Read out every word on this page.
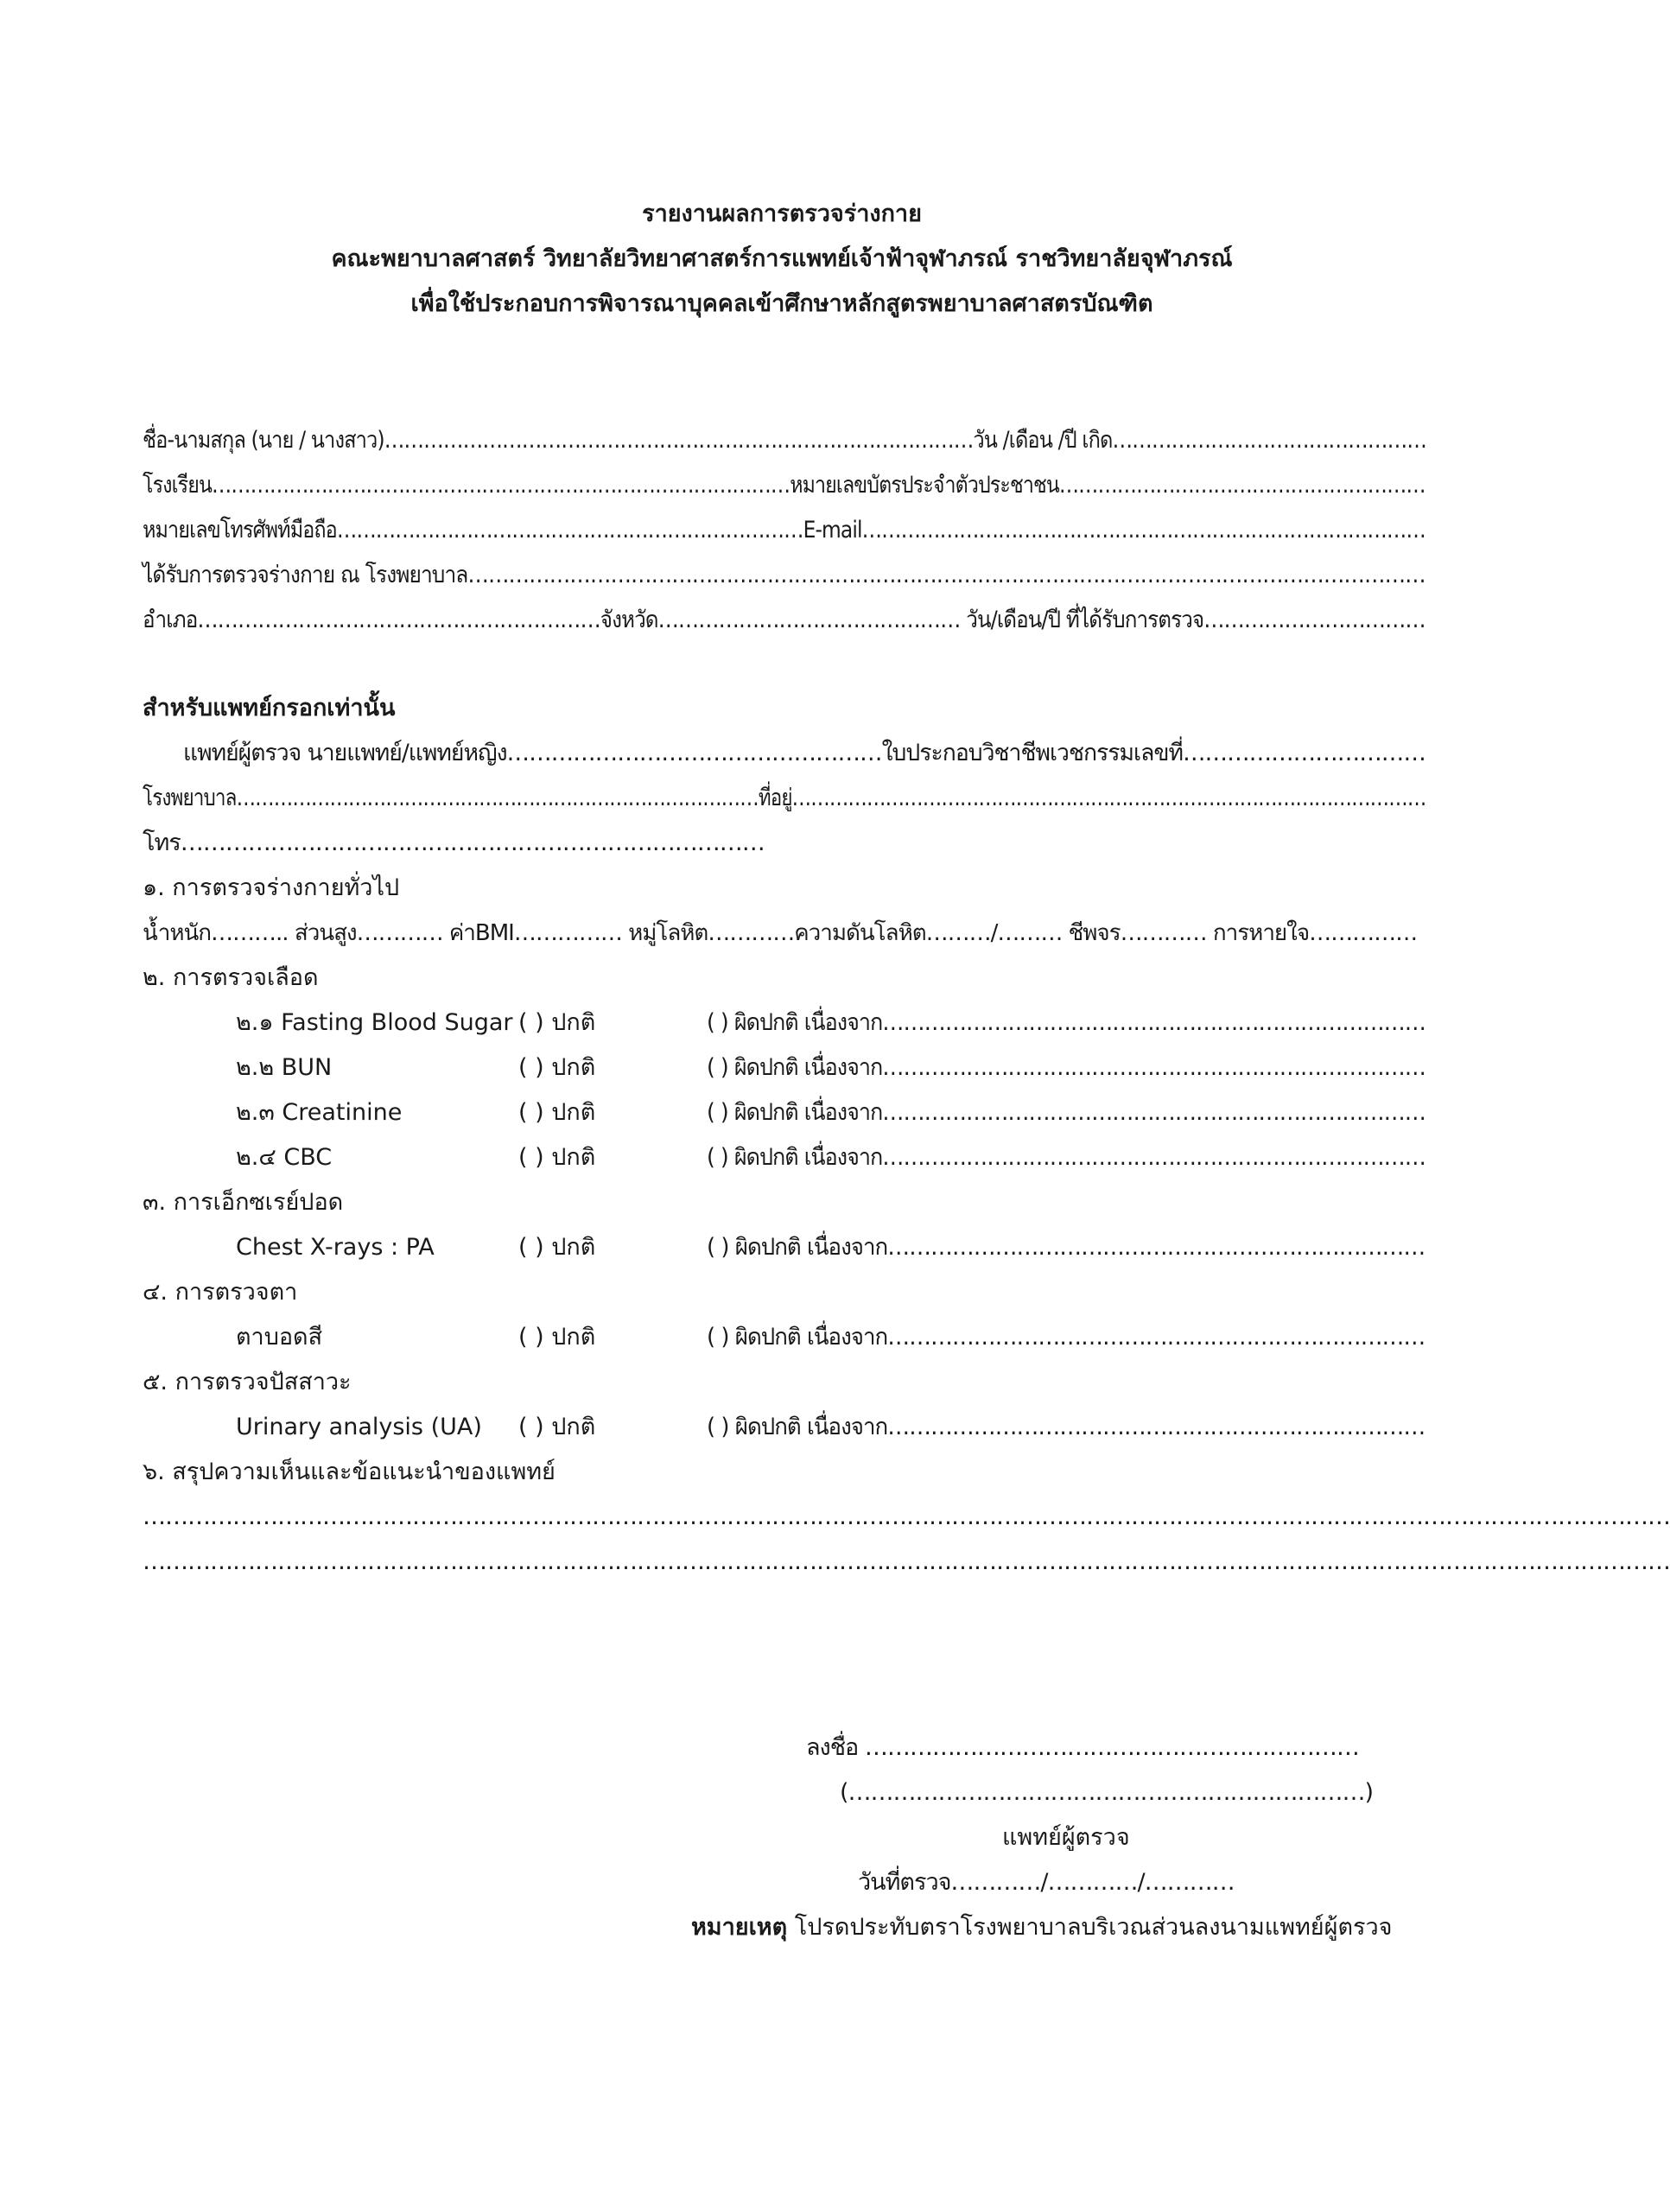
รายงานผลการตรวจร่างกาย
คณะพยาบาลศาสตร์ วิทยาลัยวิทยาศาสตร์การแพทย์เจ้าฟ้าจุฬาภรณ์ ราชวิทยาลัยจุฬาภรณ์
เพื่อใช้ประกอบการพิจารณาบุคคลเข้าศึกษาหลักสูตรพยาบาลศาสตรบัณฑิต
ชื่อ-นามสกุล (นาย / นางสาว)………………………………………………………………………………วัน /เดือน /ปี เกิด…………………………………………
โรงเรียน………………………………………………………………………………หมายเลขบัตรประจำตัวประชาชน…………………………………………………
หมายเลขโทรศัพท์มือถือ………………………………………………………………E-mail……………………………………………………………………………
ได้รับการตรวจร่างกาย ณ โรงพยาบาล……………………………………………………………………………………………………………………………
อำเภอ……………………………………………………จังหวัด……………………………………… วัน/เดือน/ปี ที่ได้รับการตรวจ……………………………
สำหรับแพทย์กรอกเท่านั้น
แพทย์ผู้ตรวจ นายแพทย์/แพทย์หญิง……………………………………………ใบประกอบวิชาชีพเวชกรรมเลขที่……………………………
โรงพยาบาล…………………………………………………………………………ที่อยู่…………………………………………………………………………………………
โทร……………………………………………………………………
๑. การตรวจร่างกายทั่วไป
น้ำหนัก……….. ส่วนสูง………… ค่าBMI…………… หมู่โลหิต…………ความดันโลหิต………/……… ชีพจร………… การหายใจ……………
๒. การตรวจเลือด
๒.๑ Fasting Blood Sugar ( ) ปกติ	( ) ผิดปกติ เนื่องจาก……………………………………………………………………
๒.๒ BUN	( ) ปกติ	( ) ผิดปกติ เนื่องจาก……………………………………………………………………
๒.๓ Creatinine	( ) ปกติ	( ) ผิดปกติ เนื่องจาก……………………………………………………………………
๒.๔ CBC	( ) ปกติ	( ) ผิดปกติ เนื่องจาก……………………………………………………………………
๓. การเอ็กซเรย์ปอด
Chest X-rays : PA	( ) ปกติ	( ) ผิดปกติ เนื่องจาก…………………………………………………………………
๔. การตรวจตา
ตาบอดสี	( ) ปกติ	( ) ผิดปกติ เนื่องจาก…………………………………………………………………
๕. การตรวจปัสสาวะ
Urinary analysis (UA) ( ) ปกติ	( ) ผิดปกติ เนื่องจาก…………………………………………………………………
๖. สรุปความเห็นและข้อแนะนำของแพทย์
……………………………………………………………………………………………………………………………………………………………………………………
……………………………………………………………………………………………………………………………………………………………………………………
ลงชื่อ …………………………………………………………
(……………………………………………………………)
แพทย์ผู้ตรวจ
วันที่ตรวจ…………/…………/…………
หมายเหตุ โปรดประทับตราโรงพยาบาลบริเวณส่วนลงนามแพทย์ผู้ตรวจ
